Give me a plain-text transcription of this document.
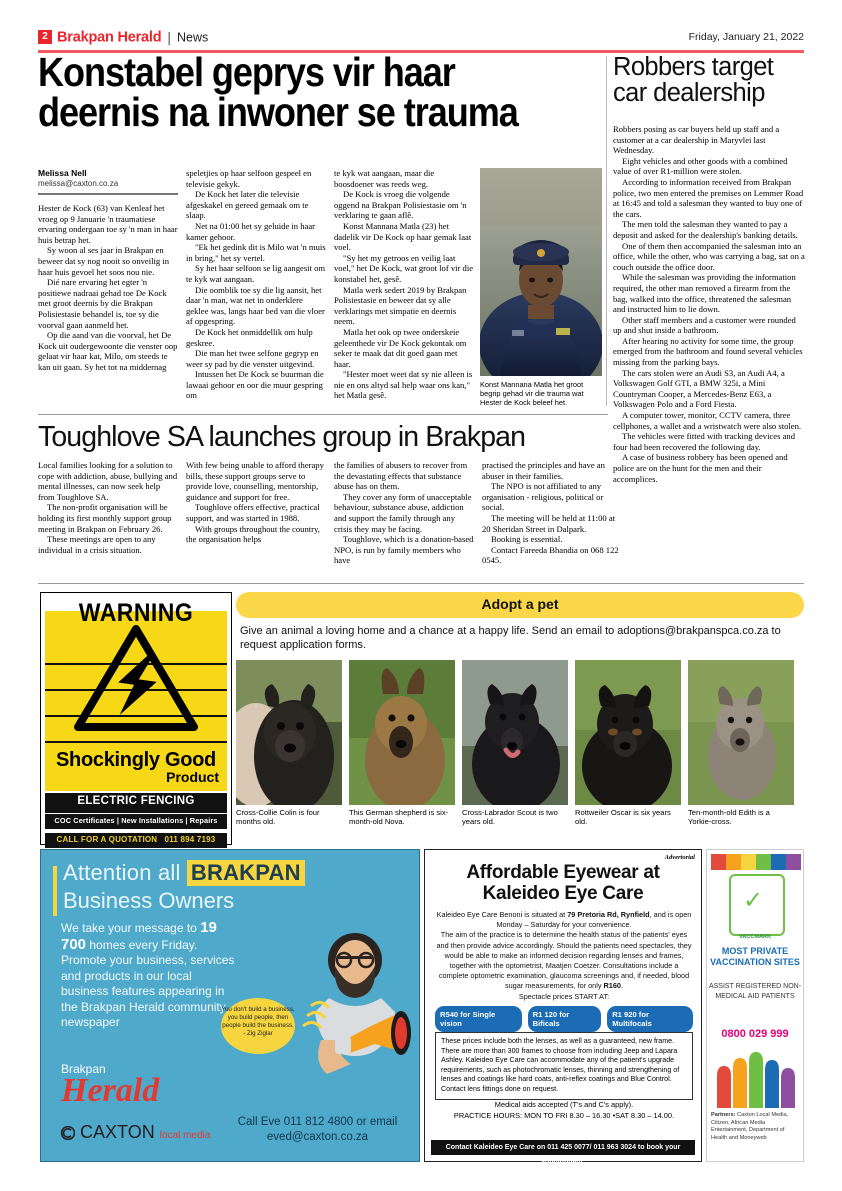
2 Brakpan Herald | News	Friday, January 21, 2022
Konstabel geprys vir haar deernis na inwoner se trauma
Melissa Nell
melissa@caxton.co.za

Hester de Kock (63) van Kenleaf het vroeg op 9 Januarie 'n traumatiese ervaring ondergaan toe sy 'n man in haar huis betrap het.

Sy woon al ses jaar in Brakpan en beweer dat sy nog nooit so onveilig in haar huis gevoel het soos nou nie.

Dié nare ervaring het egter 'n positiewe nadraai gehad toe De Kock met groot deernis by die Brakpan Polisiestasie behandel is, toe sy die voorval gaan aanmeld het.

Op die aand van die voorval, het De Kock uit oudergewoonte die venster oop gelaat vir haar kat, Milo, om steeds te kan uit gaan. Sy het tot na middernag

speletjies op haar selfoon gespeel en televisie gekyk.

De Kock het later die televisie afgeskakel en gereed gemaak om te slaap.

Net na 01:00 het sy geluide in haar kamer gehoor.

"Ek het gedink dit is Milo wat 'n muis in bring," het sy vertel.

Sy het haar selfoon se lig aangesit om te kyk wat aangaan.

Die oomblik toe sy die lig aansit, het daar 'n man, wat net in onderklere geklee was, langs haar bed van die vloer af opgespring.

De Kock het onmiddellik om hulp geskree.

Die man het twee selfone gegryp en weer sy pad by die venster uitgevind.

Intussen het De Kock se buurman die lawaai gehoor en oor die muur gespring om

te kyk wat aangaan, maar die boosdoener was reeds weg.

De Kock is vroeg die volgende oggend na Brakpan Polisiestasie om 'n verklaring te gaan aflê.

Konst Mannana Matla (23) het dadelik vir De Kock op haar gemak laat voel.

"Sy het my getroos en veilig laat voel," het De Kock, wat groot lof vir die konstabel het, gesê.

Matla werk sedert 2019 by Brakpan Polisiestasie en beweer dat sy alle verklarings met simpatie en deernis neem.

Matla het ook op twee onderskeie geleenthede vir De Kock gekontak om seker te maak dat dit goed gaan met haar.

"Hester moet weet dat sy nie alleen is nie en ons altyd sal help waar ons kan," het Matla gesê.

Konst Mannana Matla het groot begrip gehad vir die trauma wat Hester de Kock beleef het.
Robbers target car dealership

Robbers posing as car buyers held up staff and a customer at a car dealership in Maryvlei last Wednesday.

Eight vehicles and other goods with a combined value of over R1-million were stolen.

According to information received from Brakpan police, two men entered the premises on Lemmer Road at 16:45 and told a salesman they wanted to buy one of the cars.

The men told the salesman they wanted to pay a deposit and asked for the dealership's banking details.

One of them then accompanied the salesman into an office, while the other, who was carrying a bag, sat on a couch outside the office door.

While the salesman was providing the information required, the other man removed a firearm from the bag, walked into the office, threatened the salesman and instructed him to lie down.

Other staff members and a customer were rounded up and shut inside a bathroom.

After hearing no activity for some time, the group emerged from the bathroom and found several vehicles missing from the parking bays.

The cars stolen were an Audi S3, an Audi A4, a Volkswagen Golf GTI, a BMW 325i, a Mini Countryman Cooper, a Mercedes-Benz E63, a Volkswagen Polo and a Ford Fiesta.

A computer tower, monitor, CCTV camera, three cellphones, a wallet and a wristwatch were also stolen.

The vehicles were fitted with tracking devices and four had been recovered the following day.

A case of business robbery has been opened and police are on the hunt for the men and their accomplices.

Toughlove SA launches group in Brakpan

Local families looking for a solution to cope with addiction, abuse, bullying and mental illnesses, can now seek help from Toughlove SA.

The non-profit organisation will be holding its first monthly support group meeting in Brakpan on February 26.

These meetings are open to any individual in a crisis situation.

With few being unable to afford therapy bills, these support groups serve to provide love, counselling, mentorship, guidance and support for free.

Toughlove offers effective, practical support, and was started in 1988.

With groups throughout the country, the organisation helps

the families of abusers to recover from the devastating effects that substance abuse has on them.

They cover any form of unacceptable behaviour, substance abuse, addiction and support the family through any crisis they may be facing.

Toughlove, which is a donation-based NPO, is run by family members who have

practised the principles and have an abuser in their families.

The NPO is not affiliated to any organisation - religious, political or social.

The meeting will be held at 11:00 at 20 Sheridan Street in Dalpark.

Booking is essential.

Contact Fareeda Bhandia on 068 122 0545.

WARNING
Shockingly Good
Product
ELECTRIC FENCING
COC Certificates | New Installations | Repairs
CALL FOR A QUOTATION 011 894 7193
Adopt a pet
Give an animal a loving home and a chance at a happy life. Send an email to adoptions@brakpanspca.co.za to request application forms.
Cross-Collie Colin is four months old.
This German shepherd is six-month-old Nova.
Cross-Labrador Scout is two years old.
Rottweiler Oscar is six years old.
Ten-month-old Edith is a Yorkie-cross.
Attention all BRAKPAN
Business Owners
We take your message to 19 700 homes every Friday. Promote your business, services and products in our local business features appearing in the Brakpan Herald community newspaper
You don't build a business, you build people, then people build the business. - Zig Ziglar
Brakpan
Herald
CAXTON local media
Call Eve 011 812 4800 or email eved@caxton.co.za
Advertorial
Affordable Eyewear at
Kaleideo Eye Care
Kaleideo Eye Care Benoni is situated at 79 Pretoria Rd, Rynfield, and is open Monday – Saturday for your convenience.
The aim of the practice is to determine the health status of the patients' eyes and then provide advice accordingly. Should the patients need spectacles, they would be able to make an informed decision regarding lenses and frames, together with the optometrist, Maatjen Coetzer. Consultations include a complete optometric examination, glaucoma screenings and, if needed, blood sugar measurements, for only R160.
Spectacle prices START AT:
R540 for Single vision
R1 120 for Bificals
R1 920 for Multifocals
These prices include both the lenses, as well as a guaranteed, new frame. There are more than 300 frames to choose from including Jeep and Lapara Ashley. Kaleideo Eye Care can accommodate any of the patient's upgrade requirements, such as photochromatic lenses, thinning and strengthening of lenses and coatings like hard coats, anti-reflex coatings and Blue Control. Contact lens fittings done on request.
Medical aids accepted (T's and C's apply).
PRACTICE HOURS: MON TO FRI 8.30 – 16.30 •SAT 8.30 – 14.00.
Contact Kaleideo Eye Care on 011 425 0077/ 011 963 3024 to book your appointment.
✓
VACCMARK
MOST PRIVATE VACCINATION SITES
ASSIST REGISTERED NON-MEDICAL AID PATIENTS
0800 029 999
Partners: Caxton Local Media, Citizen, African Media Entertainment, Department of Health and Moneyweb
